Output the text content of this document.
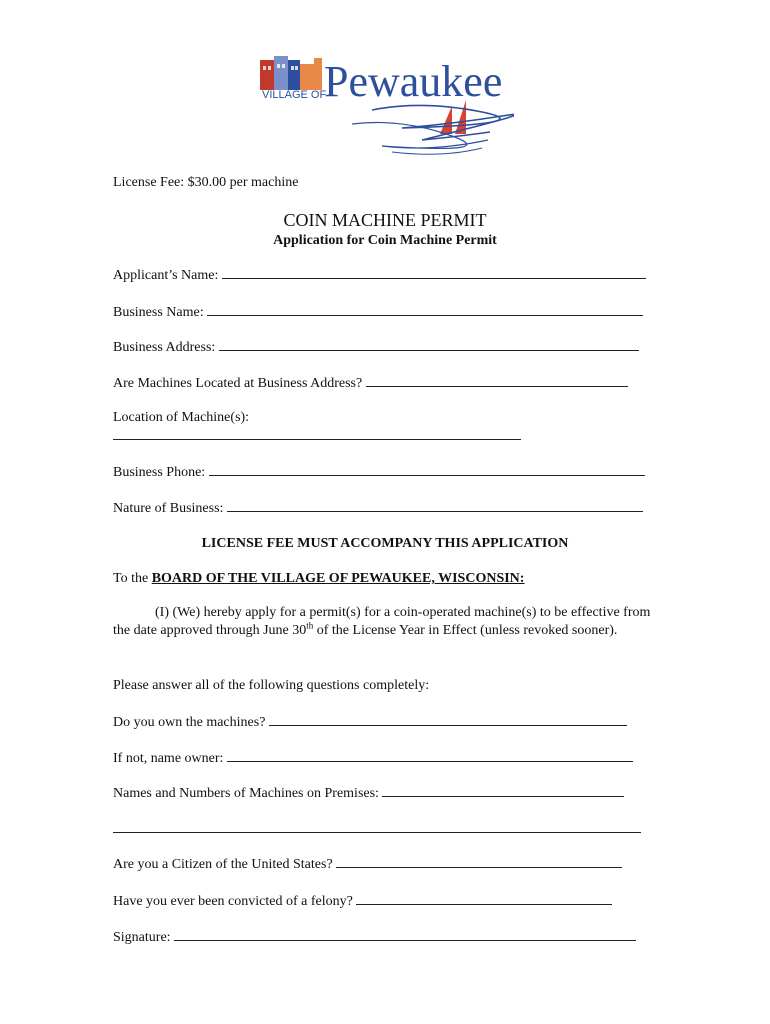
VILLAGE OF
Pewaukee
License Fee: $30.00 per machine
COIN MACHINE PERMIT
Application for Coin Machine Permit
Applicant’s Name:
Business Name:
Business Address:
Are Machines Located at Business Address?
Location of Machine(s):
Business Phone:
Nature of Business:
LICENSE FEE MUST ACCOMPANY THIS APPLICATION
To the BOARD OF THE VILLAGE OF PEWAUKEE, WISCONSIN:

(I) (We) hereby apply for a permit(s) for a coin-operated machine(s) to be effective from the date approved through June 30th of the License Year in Effect (unless revoked sooner).

Please answer all of the following questions completely:
Do you own the machines?
If not, name owner:
Names and Numbers of Machines on Premises:
Are you a Citizen of the United States?
Have you ever been convicted of a felony?
Signature:
